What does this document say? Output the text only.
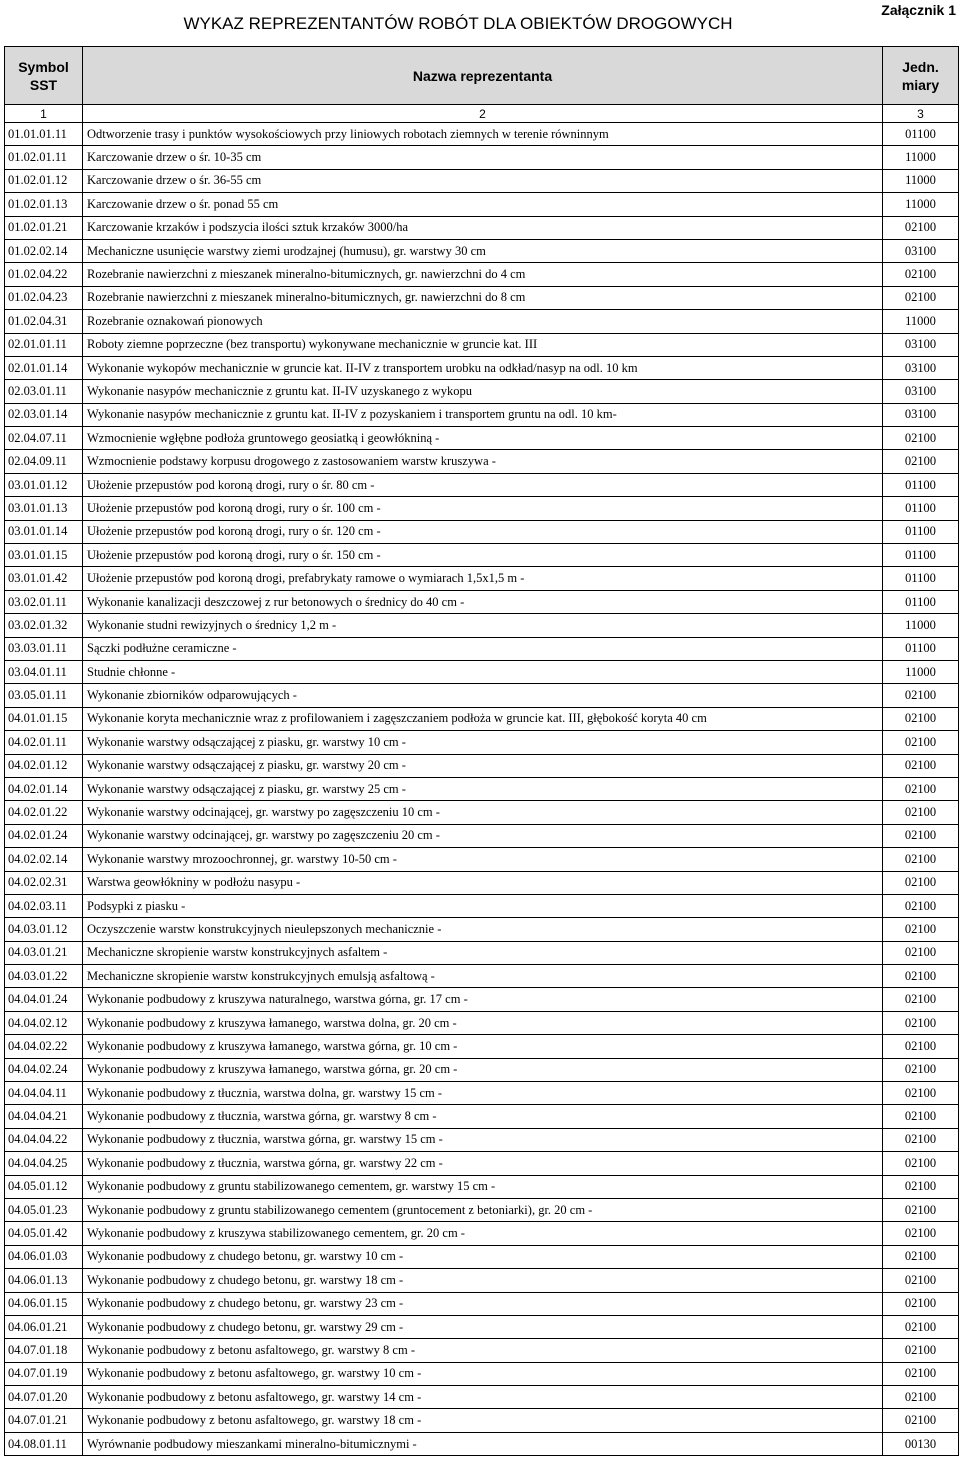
Załącznik 1
WYKAZ REPREZENTANTÓW ROBÓT DLA OBIEKTÓW DROGOWYCH
Symbol SST	Nazwa reprezentanta	Jedn. miary
1	2	3
01.01.01.11	Odtworzenie trasy i punktów wysokościowych przy liniowych robotach ziemnych w terenie równinnym	01100
01.02.01.11	Karczowanie drzew o śr. 10-35 cm	11000
01.02.01.12	Karczowanie drzew o śr. 36-55 cm	11000
01.02.01.13	Karczowanie drzew o śr. ponad 55 cm	11000
01.02.01.21	Karczowanie krzaków i podszycia ilości sztuk krzaków 3000/ha	02100
01.02.02.14	Mechaniczne usunięcie warstwy ziemi urodzajnej (humusu), gr. warstwy 30 cm	03100
01.02.04.22	Rozebranie nawierzchni z mieszanek mineralno-bitumicznych, gr. nawierzchni do 4 cm	02100
01.02.04.23	Rozebranie nawierzchni z mieszanek mineralno-bitumicznych, gr. nawierzchni do 8 cm	02100
01.02.04.31	Rozebranie oznakowań pionowych	11000
02.01.01.11	Roboty ziemne poprzeczne (bez transportu) wykonywane mechanicznie w gruncie kat. III	03100
02.01.01.14	Wykonanie wykopów mechanicznie w gruncie kat. II-IV z transportem urobku na odkład/nasyp na odl. 10 km	03100
02.03.01.11	Wykonanie nasypów mechanicznie z gruntu kat. II-IV uzyskanego z wykopu	03100
02.03.01.14	Wykonanie nasypów mechanicznie z gruntu kat. II-IV z pozyskaniem i transportem gruntu na odl. 10 km-	03100
02.04.07.11	Wzmocnienie wgłębne podłoża gruntowego geosiatką i geowłókniną -	02100
02.04.09.11	Wzmocnienie podstawy korpusu drogowego z zastosowaniem warstw kruszywa -	02100
03.01.01.12	Ułożenie przepustów pod koroną drogi, rury o śr. 80 cm -	01100
03.01.01.13	Ułożenie przepustów pod koroną drogi, rury o śr. 100 cm -	01100
03.01.01.14	Ułożenie przepustów pod koroną drogi, rury o śr. 120 cm -	01100
03.01.01.15	Ułożenie przepustów pod koroną drogi, rury o śr. 150 cm -	01100
03.01.01.42	Ułożenie przepustów pod koroną drogi, prefabrykaty ramowe o wymiarach 1,5x1,5 m -	01100
03.02.01.11	Wykonanie kanalizacji deszczowej z rur betonowych o średnicy do 40 cm -	01100
03.02.01.32	Wykonanie studni rewizyjnych o średnicy 1,2 m -	11000
03.03.01.11	Sączki podłużne ceramiczne -	01100
03.04.01.11	Studnie chłonne -	11000
03.05.01.11	Wykonanie zbiorników odparowujących -	02100
04.01.01.15	Wykonanie koryta mechanicznie wraz z profilowaniem i zagęszczaniem podłoża w gruncie kat. III, głębokość koryta 40 cm	02100
04.02.01.11	Wykonanie warstwy odsączającej z piasku, gr. warstwy 10 cm -	02100
04.02.01.12	Wykonanie warstwy odsączającej z piasku, gr. warstwy 20 cm -	02100
04.02.01.14	Wykonanie warstwy odsączającej z piasku, gr. warstwy 25 cm -	02100
04.02.01.22	Wykonanie warstwy odcinającej, gr. warstwy po zagęszczeniu 10 cm -	02100
04.02.01.24	Wykonanie warstwy odcinającej, gr. warstwy po zagęszczeniu 20 cm -	02100
04.02.02.14	Wykonanie warstwy mrozoochronnej, gr. warstwy 10-50 cm -	02100
04.02.02.31	Warstwa geowłókniny w podłożu nasypu -	02100
04.02.03.11	Podsypki z piasku -	02100
04.03.01.12	Oczyszczenie warstw konstrukcyjnych nieulepszonych mechanicznie -	02100
04.03.01.21	Mechaniczne skropienie warstw konstrukcyjnych asfaltem -	02100
04.03.01.22	Mechaniczne skropienie warstw konstrukcyjnych emulsją asfaltową -	02100
04.04.01.24	Wykonanie podbudowy z kruszywa naturalnego, warstwa górna, gr. 17 cm -	02100
04.04.02.12	Wykonanie podbudowy z kruszywa łamanego, warstwa dolna, gr. 20 cm -	02100
04.04.02.22	Wykonanie podbudowy z kruszywa łamanego, warstwa górna, gr. 10 cm -	02100
04.04.02.24	Wykonanie podbudowy z kruszywa łamanego, warstwa górna, gr. 20 cm -	02100
04.04.04.11	Wykonanie podbudowy z tłucznia, warstwa dolna, gr. warstwy 15 cm -	02100
04.04.04.21	Wykonanie podbudowy z tłucznia, warstwa górna, gr. warstwy 8 cm -	02100
04.04.04.22	Wykonanie podbudowy z tłucznia, warstwa górna, gr. warstwy 15 cm -	02100
04.04.04.25	Wykonanie podbudowy z tłucznia, warstwa górna, gr. warstwy 22 cm -	02100
04.05.01.12	Wykonanie podbudowy z gruntu stabilizowanego cementem, gr. warstwy 15 cm -	02100
04.05.01.23	Wykonanie podbudowy z gruntu stabilizowanego cementem (gruntocement z betoniarki), gr. 20 cm -	02100
04.05.01.42	Wykonanie podbudowy z kruszywa stabilizowanego cementem, gr. 20 cm -	02100
04.06.01.03	Wykonanie podbudowy z chudego betonu, gr. warstwy 10 cm -	02100
04.06.01.13	Wykonanie podbudowy z chudego betonu, gr. warstwy 18 cm -	02100
04.06.01.15	Wykonanie podbudowy z chudego betonu, gr. warstwy 23 cm -	02100
04.06.01.21	Wykonanie podbudowy z chudego betonu, gr. warstwy 29 cm -	02100
04.07.01.18	Wykonanie podbudowy z betonu asfaltowego, gr. warstwy 8 cm -	02100
04.07.01.19	Wykonanie podbudowy z betonu asfaltowego, gr. warstwy 10 cm -	02100
04.07.01.20	Wykonanie podbudowy z betonu asfaltowego, gr. warstwy 14 cm -	02100
04.07.01.21	Wykonanie podbudowy z betonu asfaltowego, gr. warstwy 18 cm -	02100
04.08.01.11	Wyrównanie podbudowy mieszankami mineralno-bitumicznymi -	00130
